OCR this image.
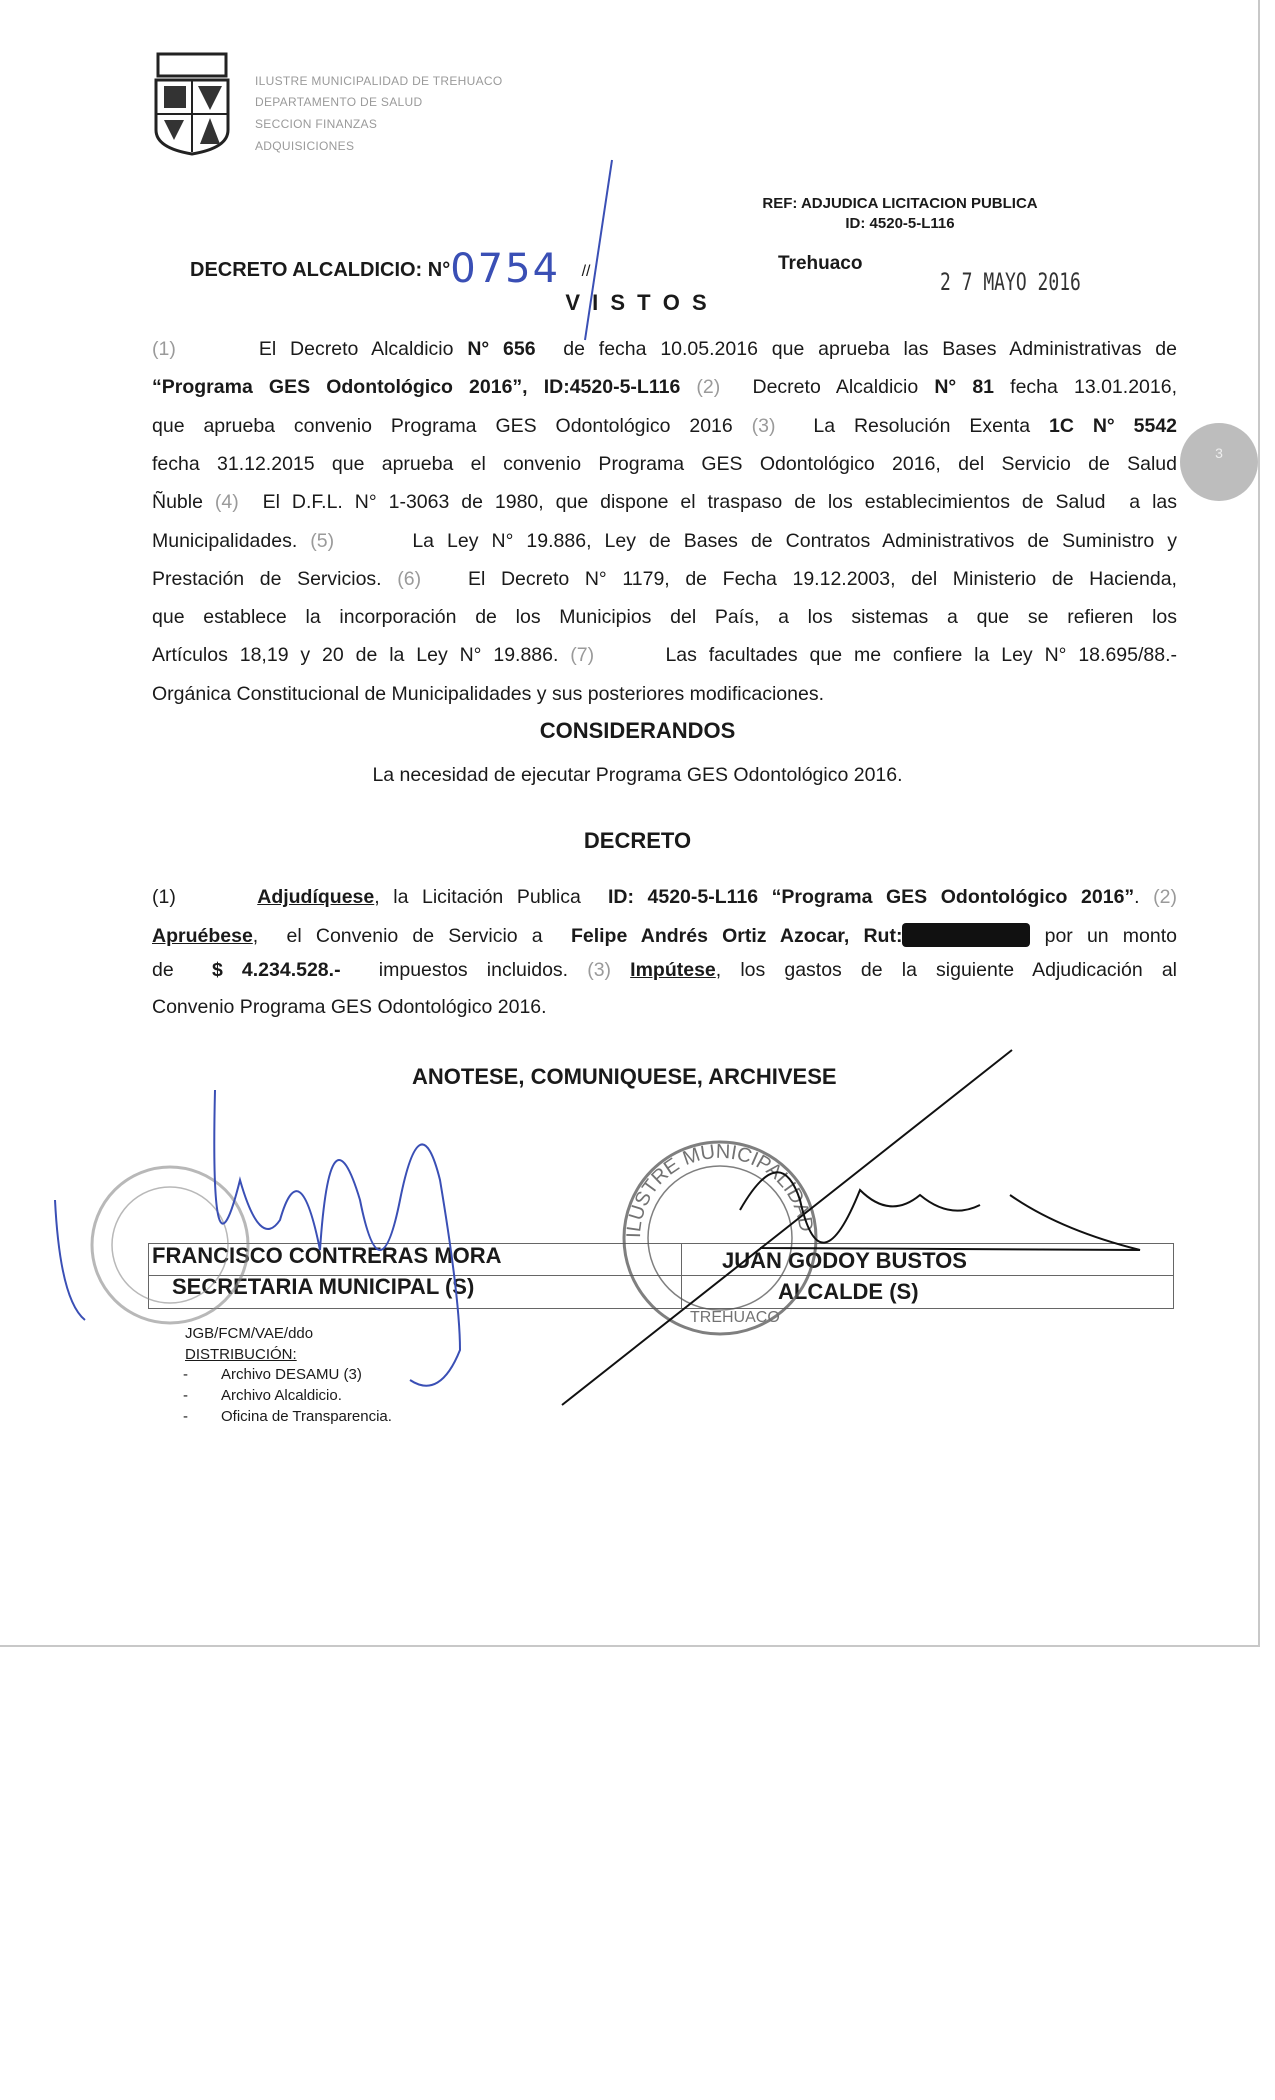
ILUSTRE MUNICIPALIDAD DE TREHUACO
DEPARTAMENTO DE SALUD
SECCION FINANZAS
ADQUISICIONES
REF: ADJUDICA LICITACION PUBLICA
ID: 4520-5-L116
DECRETO ALCALDICIO: N°0754 //	Trehuaco
2 7 MAYO 2016
3
V I S T O S
(1)      El Decreto Alcaldicio N° 656  de fecha 10.05.2016 que aprueba las Bases Administrativas de
“Programa GES Odontológico 2016”, ID:4520-5-L116 (2)  Decreto Alcaldicio N° 81 fecha 13.01.2016,
que aprueba convenio Programa GES Odontológico 2016 (3)  La Resolución Exenta 1C N° 5542
fecha 31.12.2015 que aprueba el convenio Programa GES Odontológico 2016, del Servicio de Salud
Ñuble (4)  El D.F.L. N° 1-3063 de 1980, que dispone el traspaso de los establecimientos de Salud  a las
Municipalidades. (5)      La Ley N° 19.886, Ley de Bases de Contratos Administrativos de Suministro y
Prestación de Servicios. (6)   El Decreto N° 1179, de Fecha 19.12.2003, del Ministerio de Hacienda,
que establece la incorporación de los Municipios del País, a los sistemas a que se refieren los
Artículos 18,19 y 20 de la Ley N° 19.886. (7)      Las facultades que me confiere la Ley N° 18.695/88.-
Orgánica Constitucional de Municipalidades y sus posteriores modificaciones.
CONSIDERANDOS
La necesidad de ejecutar Programa GES Odontológico 2016.
DECRETO
(1)      Adjudíquese, la Licitación Publica  ID: 4520-5-L116 “Programa GES Odontológico 2016”. (2)
Apruébese,  el Convenio de Servicio a  Felipe Andrés Ortiz Azocar, Rut:	por un monto
de  $ 4.234.528.-  impuestos incluidos. (3) Impútese, los gastos de la siguiente Adjudicación al
Convenio Programa GES Odontológico 2016.
ANOTESE, COMUNIQUESE, ARCHIVESE
FRANCISCO CONTRERAS MORA
SECRETARIA MUNICIPAL (S)
JUAN GODOY BUSTOS
ALCALDE (S)
JGB/FCM/VAE/ddo
DISTRIBUCIÓN:
- Archivo DESAMU (3)
- Archivo Alcaldicio.
- Oficina de Transparencia.
ILUSTRE MUNICIPALIDAD
TREHUACO
